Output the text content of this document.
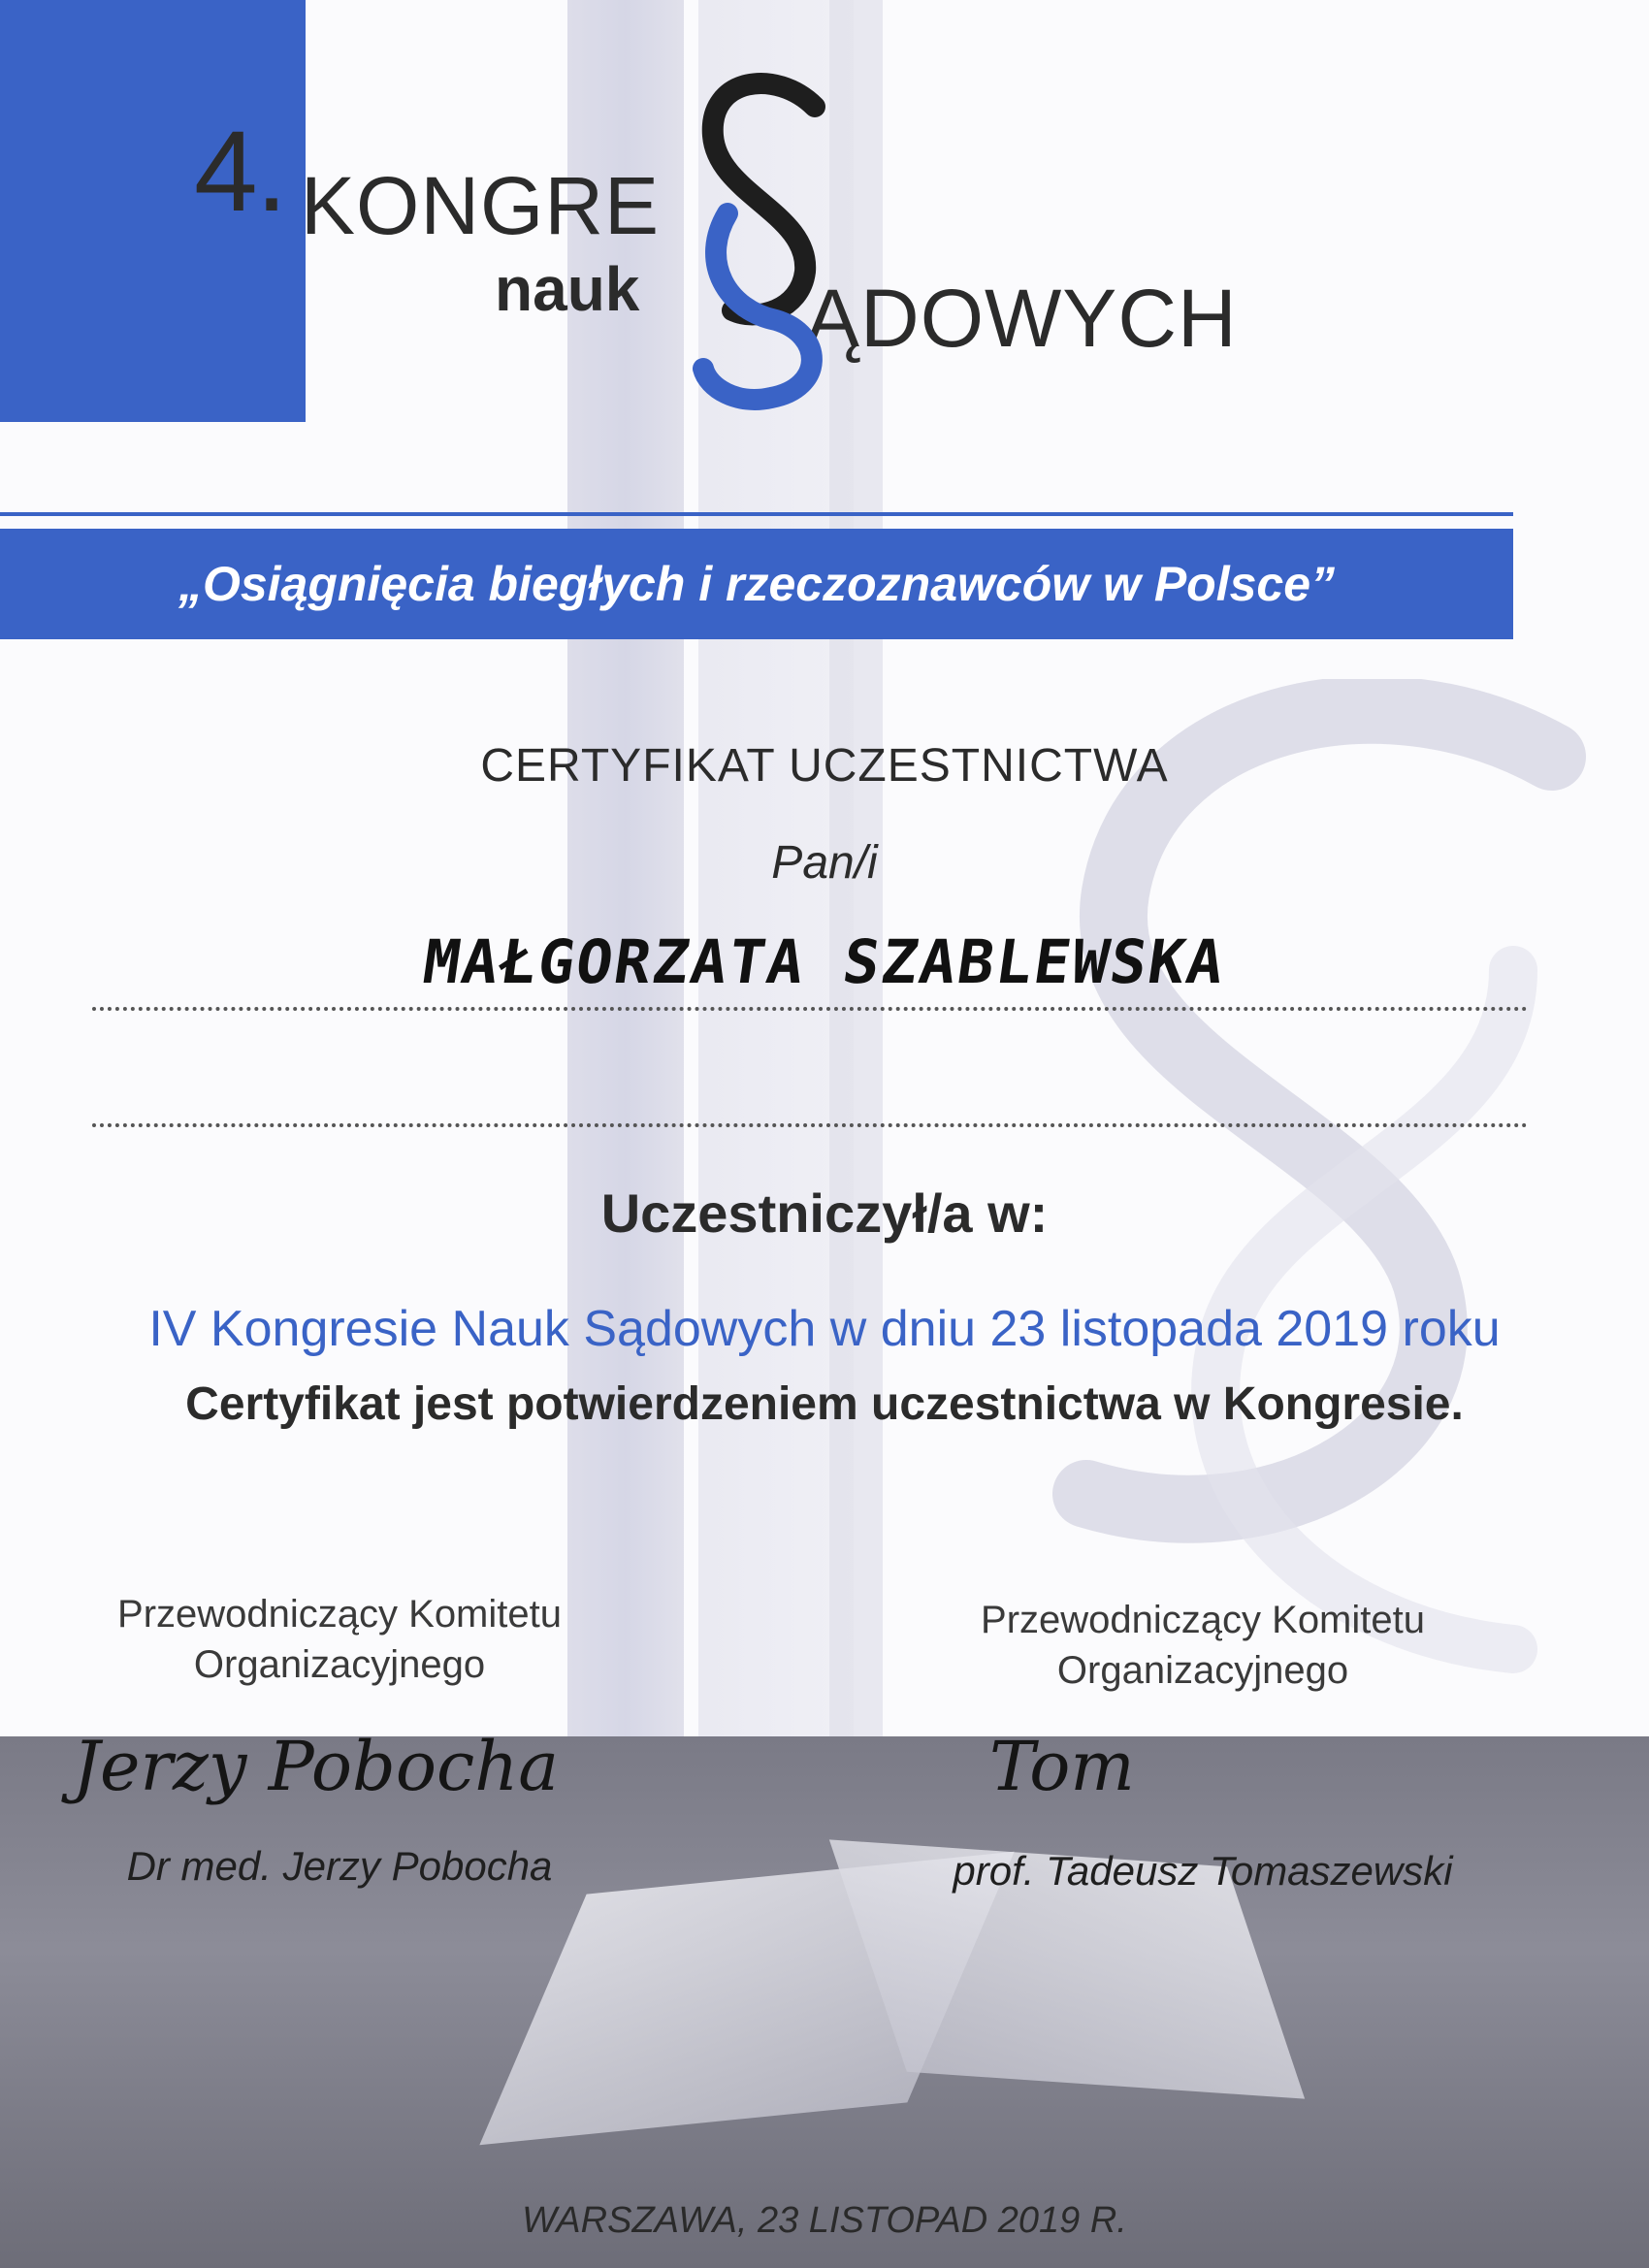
4. KONGRE
nauk ĄDOWYCH
„Osiągnięcia biegłych i rzeczoznawców w Polsce”
CERTYFIKAT UCZESTNICTWA
Pan/i
MAŁGORZATA SZABLEWSKA
Uczestniczył/a w:
IV Kongresie Nauk Sądowych w dniu 23 listopada 2019 roku
Certyfikat jest potwierdzeniem uczestnictwa w Kongresie.
Przewodniczący Komitetu
Organizacyjnego
Przewodniczący Komitetu
Organizacyjnego
Jerzy Pobocha	Tom
Dr med. Jerzy Pobocha	prof. Tadeusz Tomaszewski
WARSZAWA, 23 LISTOPAD 2019 R.
